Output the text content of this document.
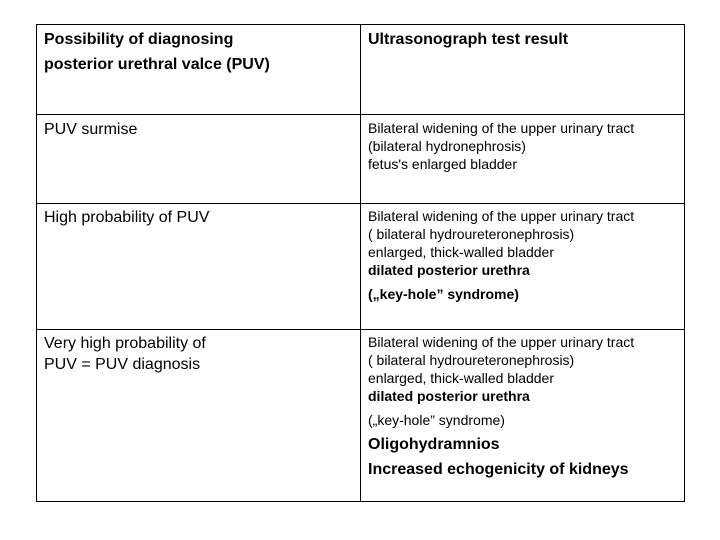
Possibility of diagnosing
posterior urethral valce (PUV)
Ultrasonograph test result
PUV surmise	Bilateral widening of the upper urinary tract
(bilateral hydronephrosis)
fetus's enlarged bladder
High probability of PUV	Bilateral widening of the upper urinary tract
( bilateral hydroureteronephrosis)
enlarged, thick-walled bladder
dilated posterior urethra
(„key-hole” syndrome)
Very high probability of
PUV = PUV diagnosis
Bilateral widening of the upper urinary tract
( bilateral hydroureteronephrosis)
enlarged, thick-walled bladder
dilated posterior urethra
(„key-hole” syndrome)
Oligohydramnios
Increased echogenicity of kidneys
